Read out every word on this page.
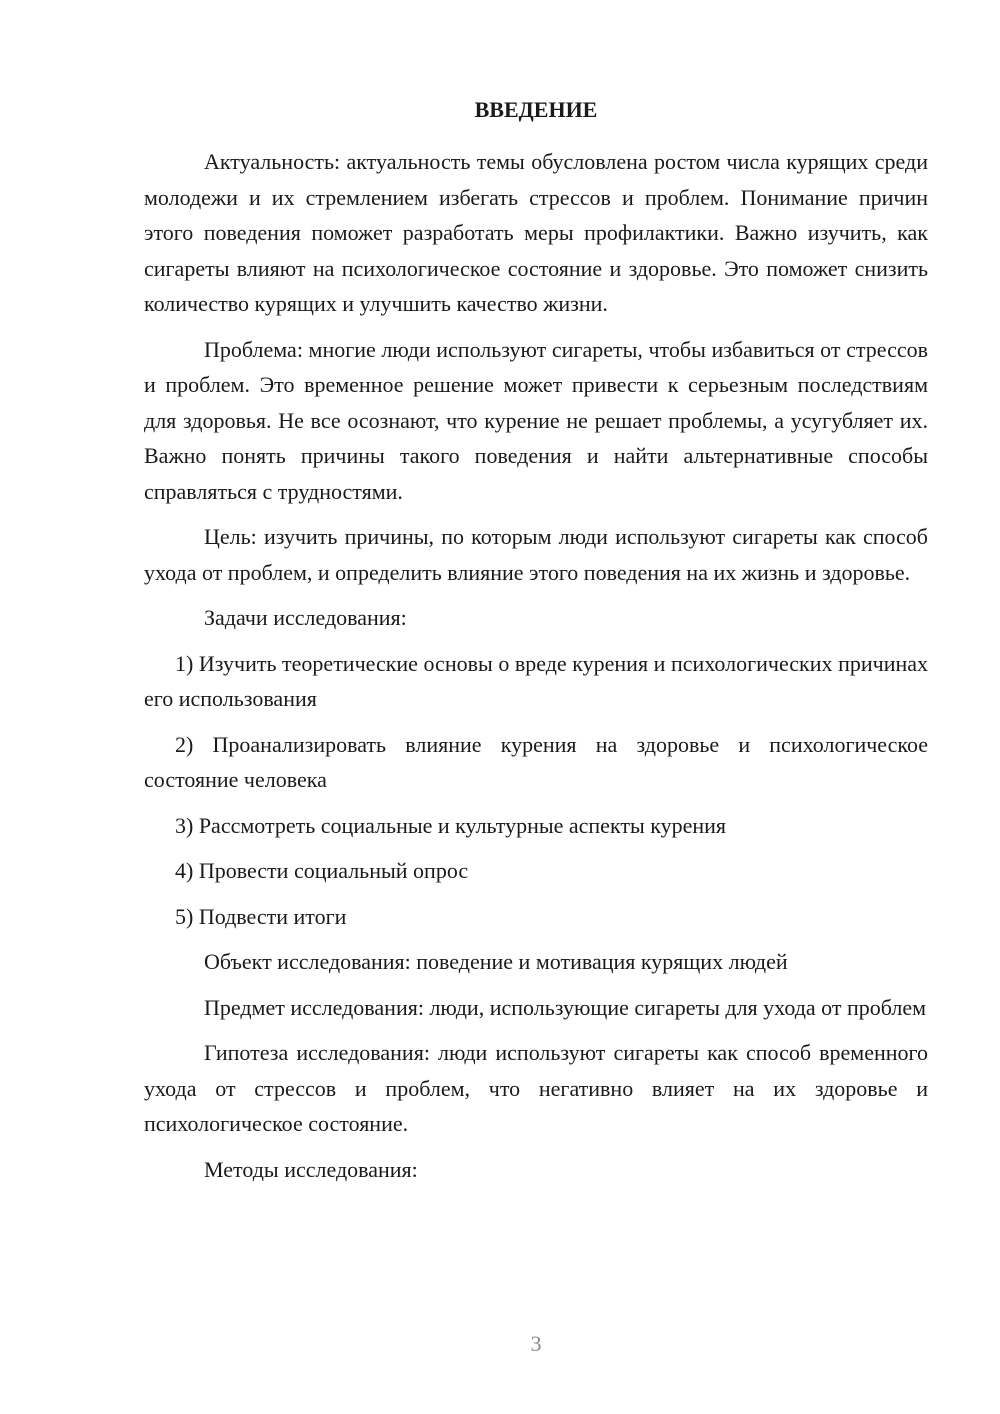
ВВЕДЕНИЕ

Актуальность: актуальность темы обусловлена ростом числа курящих среди молодежи и их стремлением избегать стрессов и проблем. Понимание причин этого поведения поможет разработать меры профилактики. Важно изучить, как сигареты влияют на психологическое состояние и здоровье. Это поможет снизить количество курящих и улучшить качество жизни.

Проблема: многие люди используют сигареты, чтобы избавиться от стрессов и проблем. Это временное решение может привести к серьезным последствиям для здоровья. Не все осознают, что курение не решает проблемы, а усугубляет их. Важно понять причины такого поведения и найти альтернативные способы справляться с трудностями.

Цель: изучить причины, по которым люди используют сигареты как способ ухода от проблем, и определить влияние этого поведения на их жизнь и здоровье.

Задачи исследования:

1) Изучить теоретические основы о вреде курения и психологических причинах его использования

2) Проанализировать влияние курения на здоровье и психологическое состояние человека

3) Рассмотреть социальные и культурные аспекты курения

4) Провести социальный опрос

5) Подвести итоги

Объект исследования: поведение и мотивация курящих людей

Предмет исследования: люди, использующие сигареты для ухода от проблем

Гипотеза исследования: люди используют сигареты как способ временного ухода от стрессов и проблем, что негативно влияет на их здоровье и психологическое состояние.

Методы исследования:

3
